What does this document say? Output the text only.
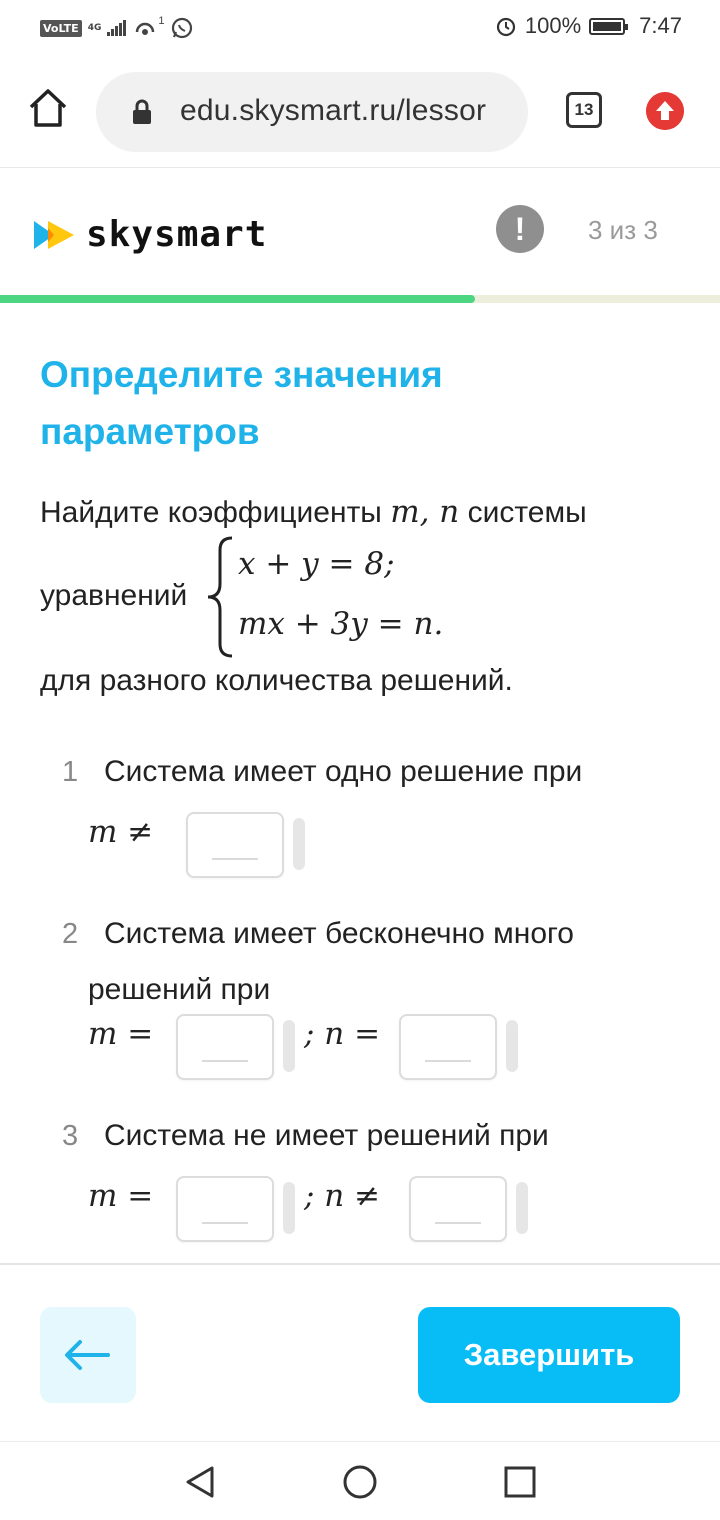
VoLTE	4G
1	100%	7:47
edu.skysmart.ru/lessor	13
skysmart	!	3 из 3
Определите значения параметров
Найдите коэффициенты m, n системы
уравнений
x + y = 8;
mx + 3y = n.
для разного количества решений.
1 Система имеет одно решение при
m ≠
2 Система имеет бесконечно много
решений при
m =	; n =
3 Система не имеет решений при
m =	; n ≠
Завершить
